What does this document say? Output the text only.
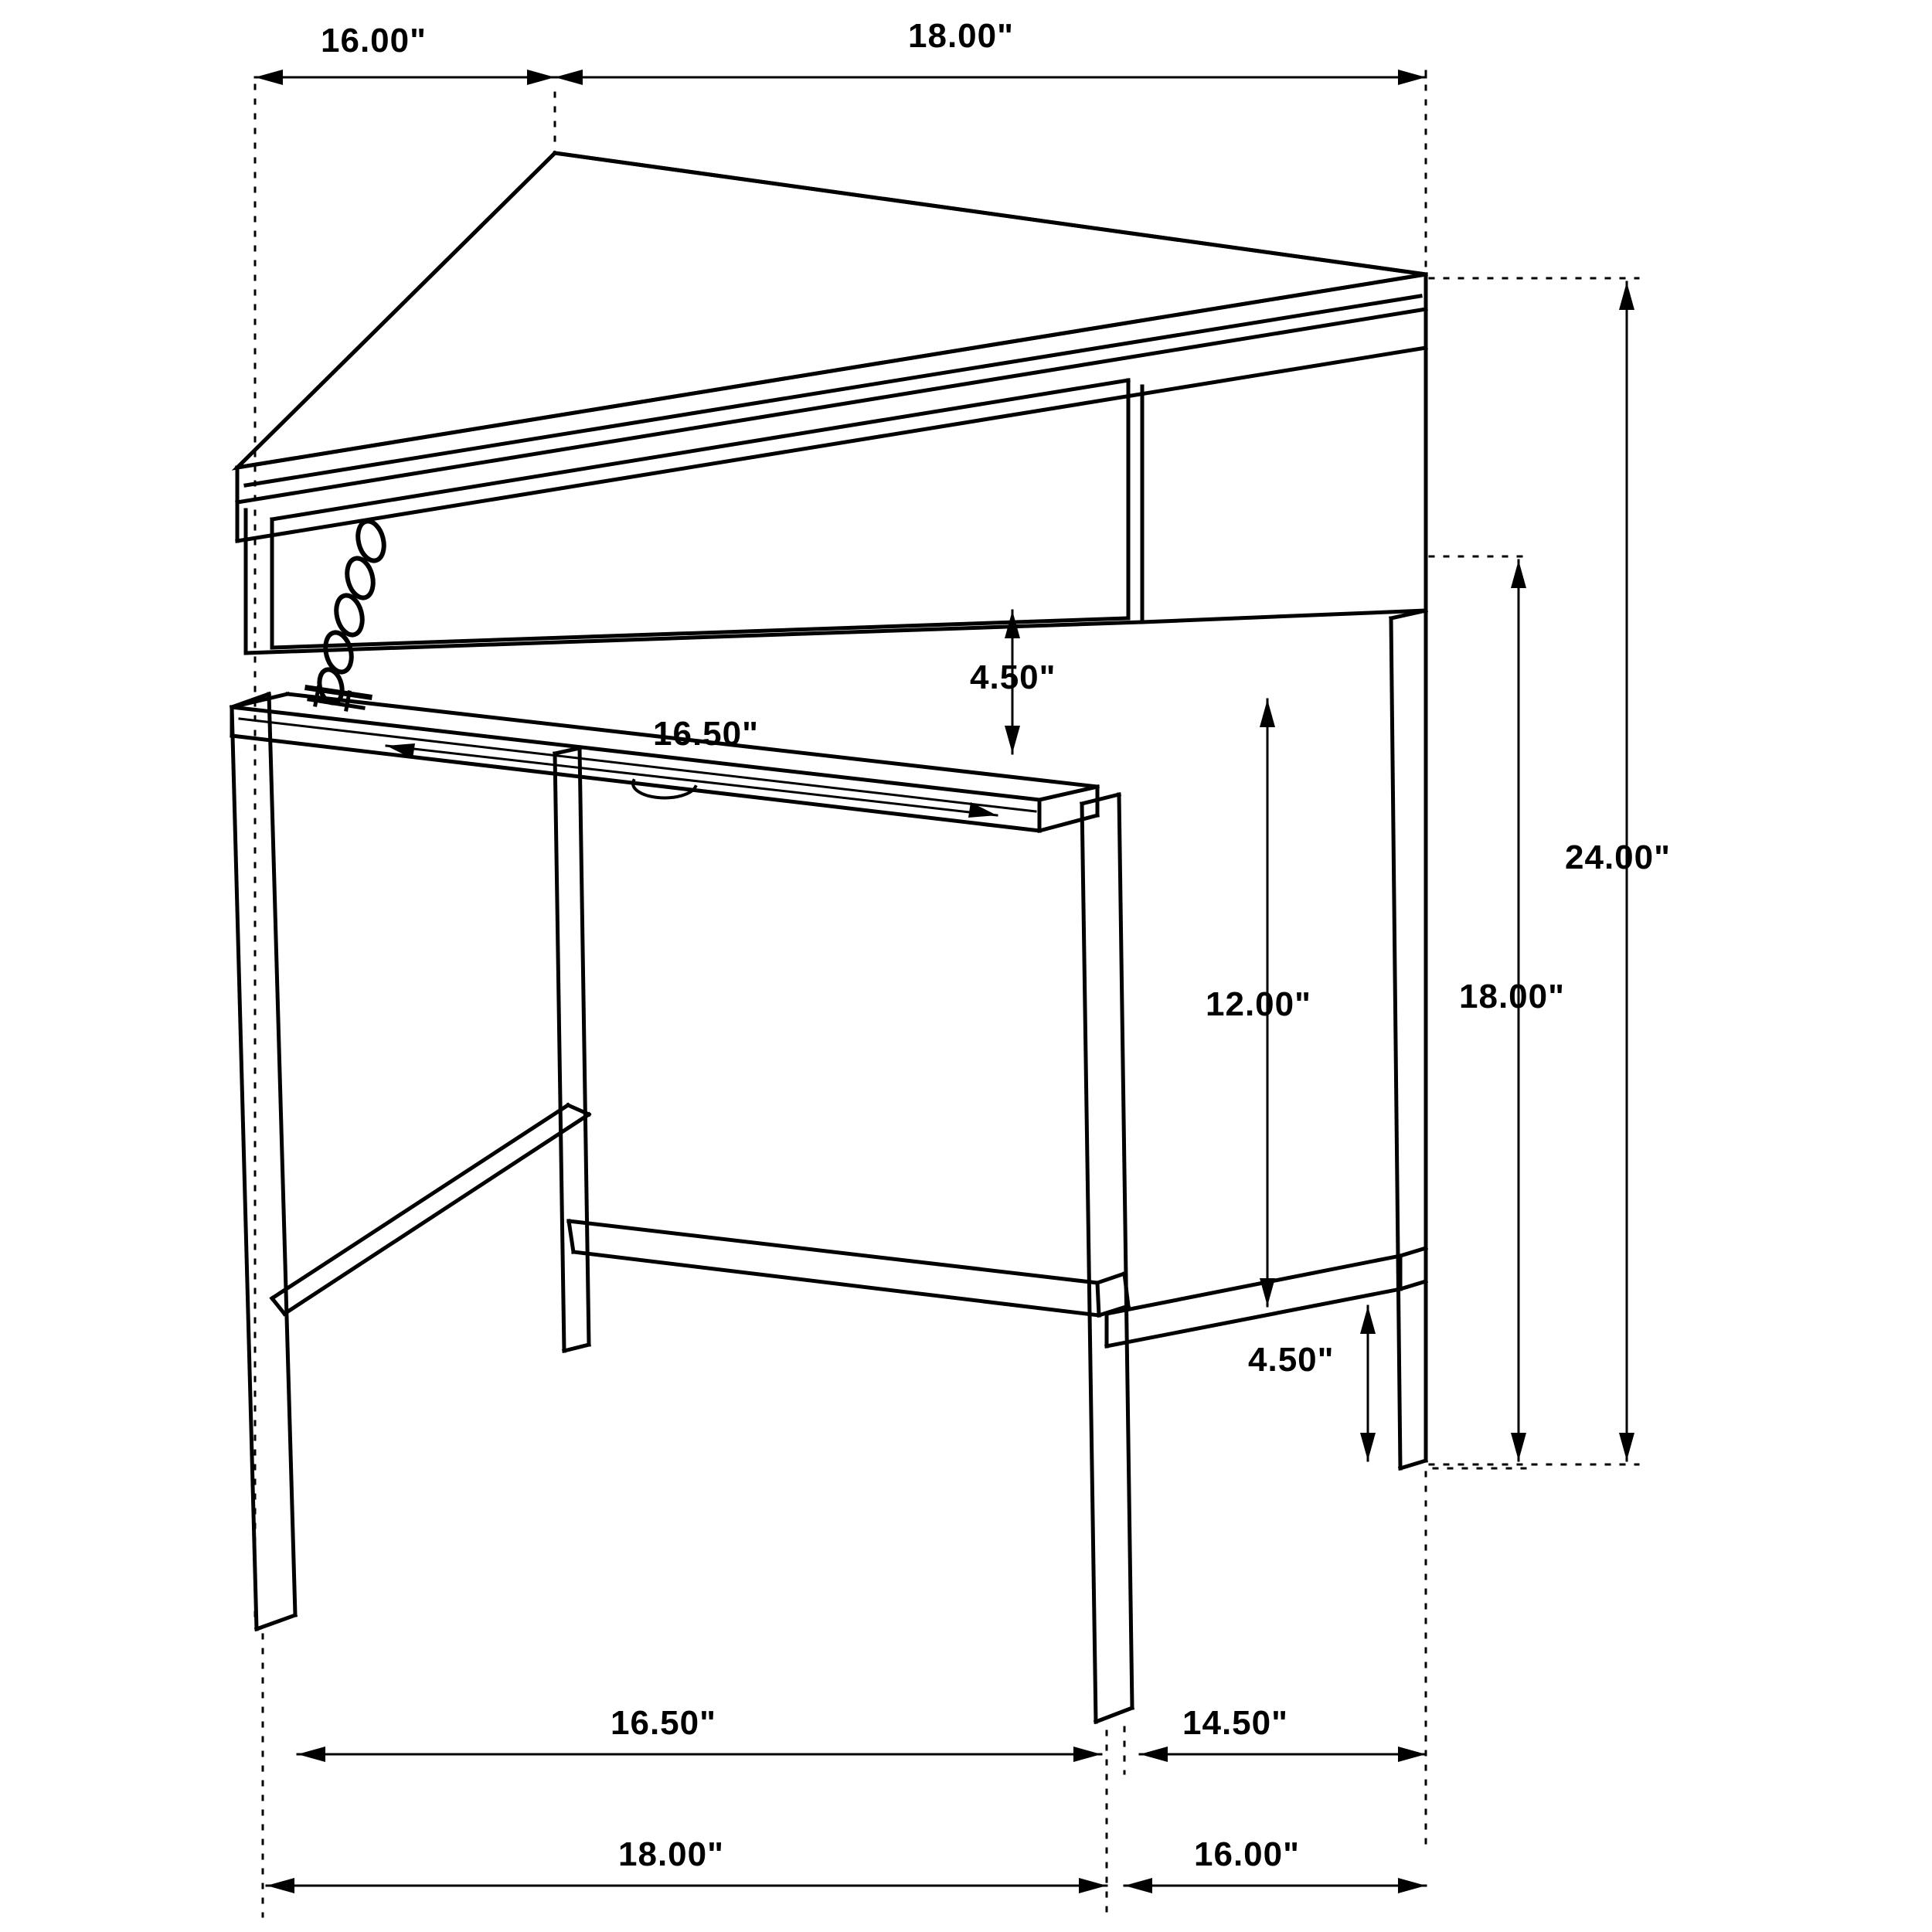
16.00"	18.00"
4.50"
16.50"
12.00"
24.00"
18.00"
4.50"
16.50"	14.50"
18.00"	16.00"
